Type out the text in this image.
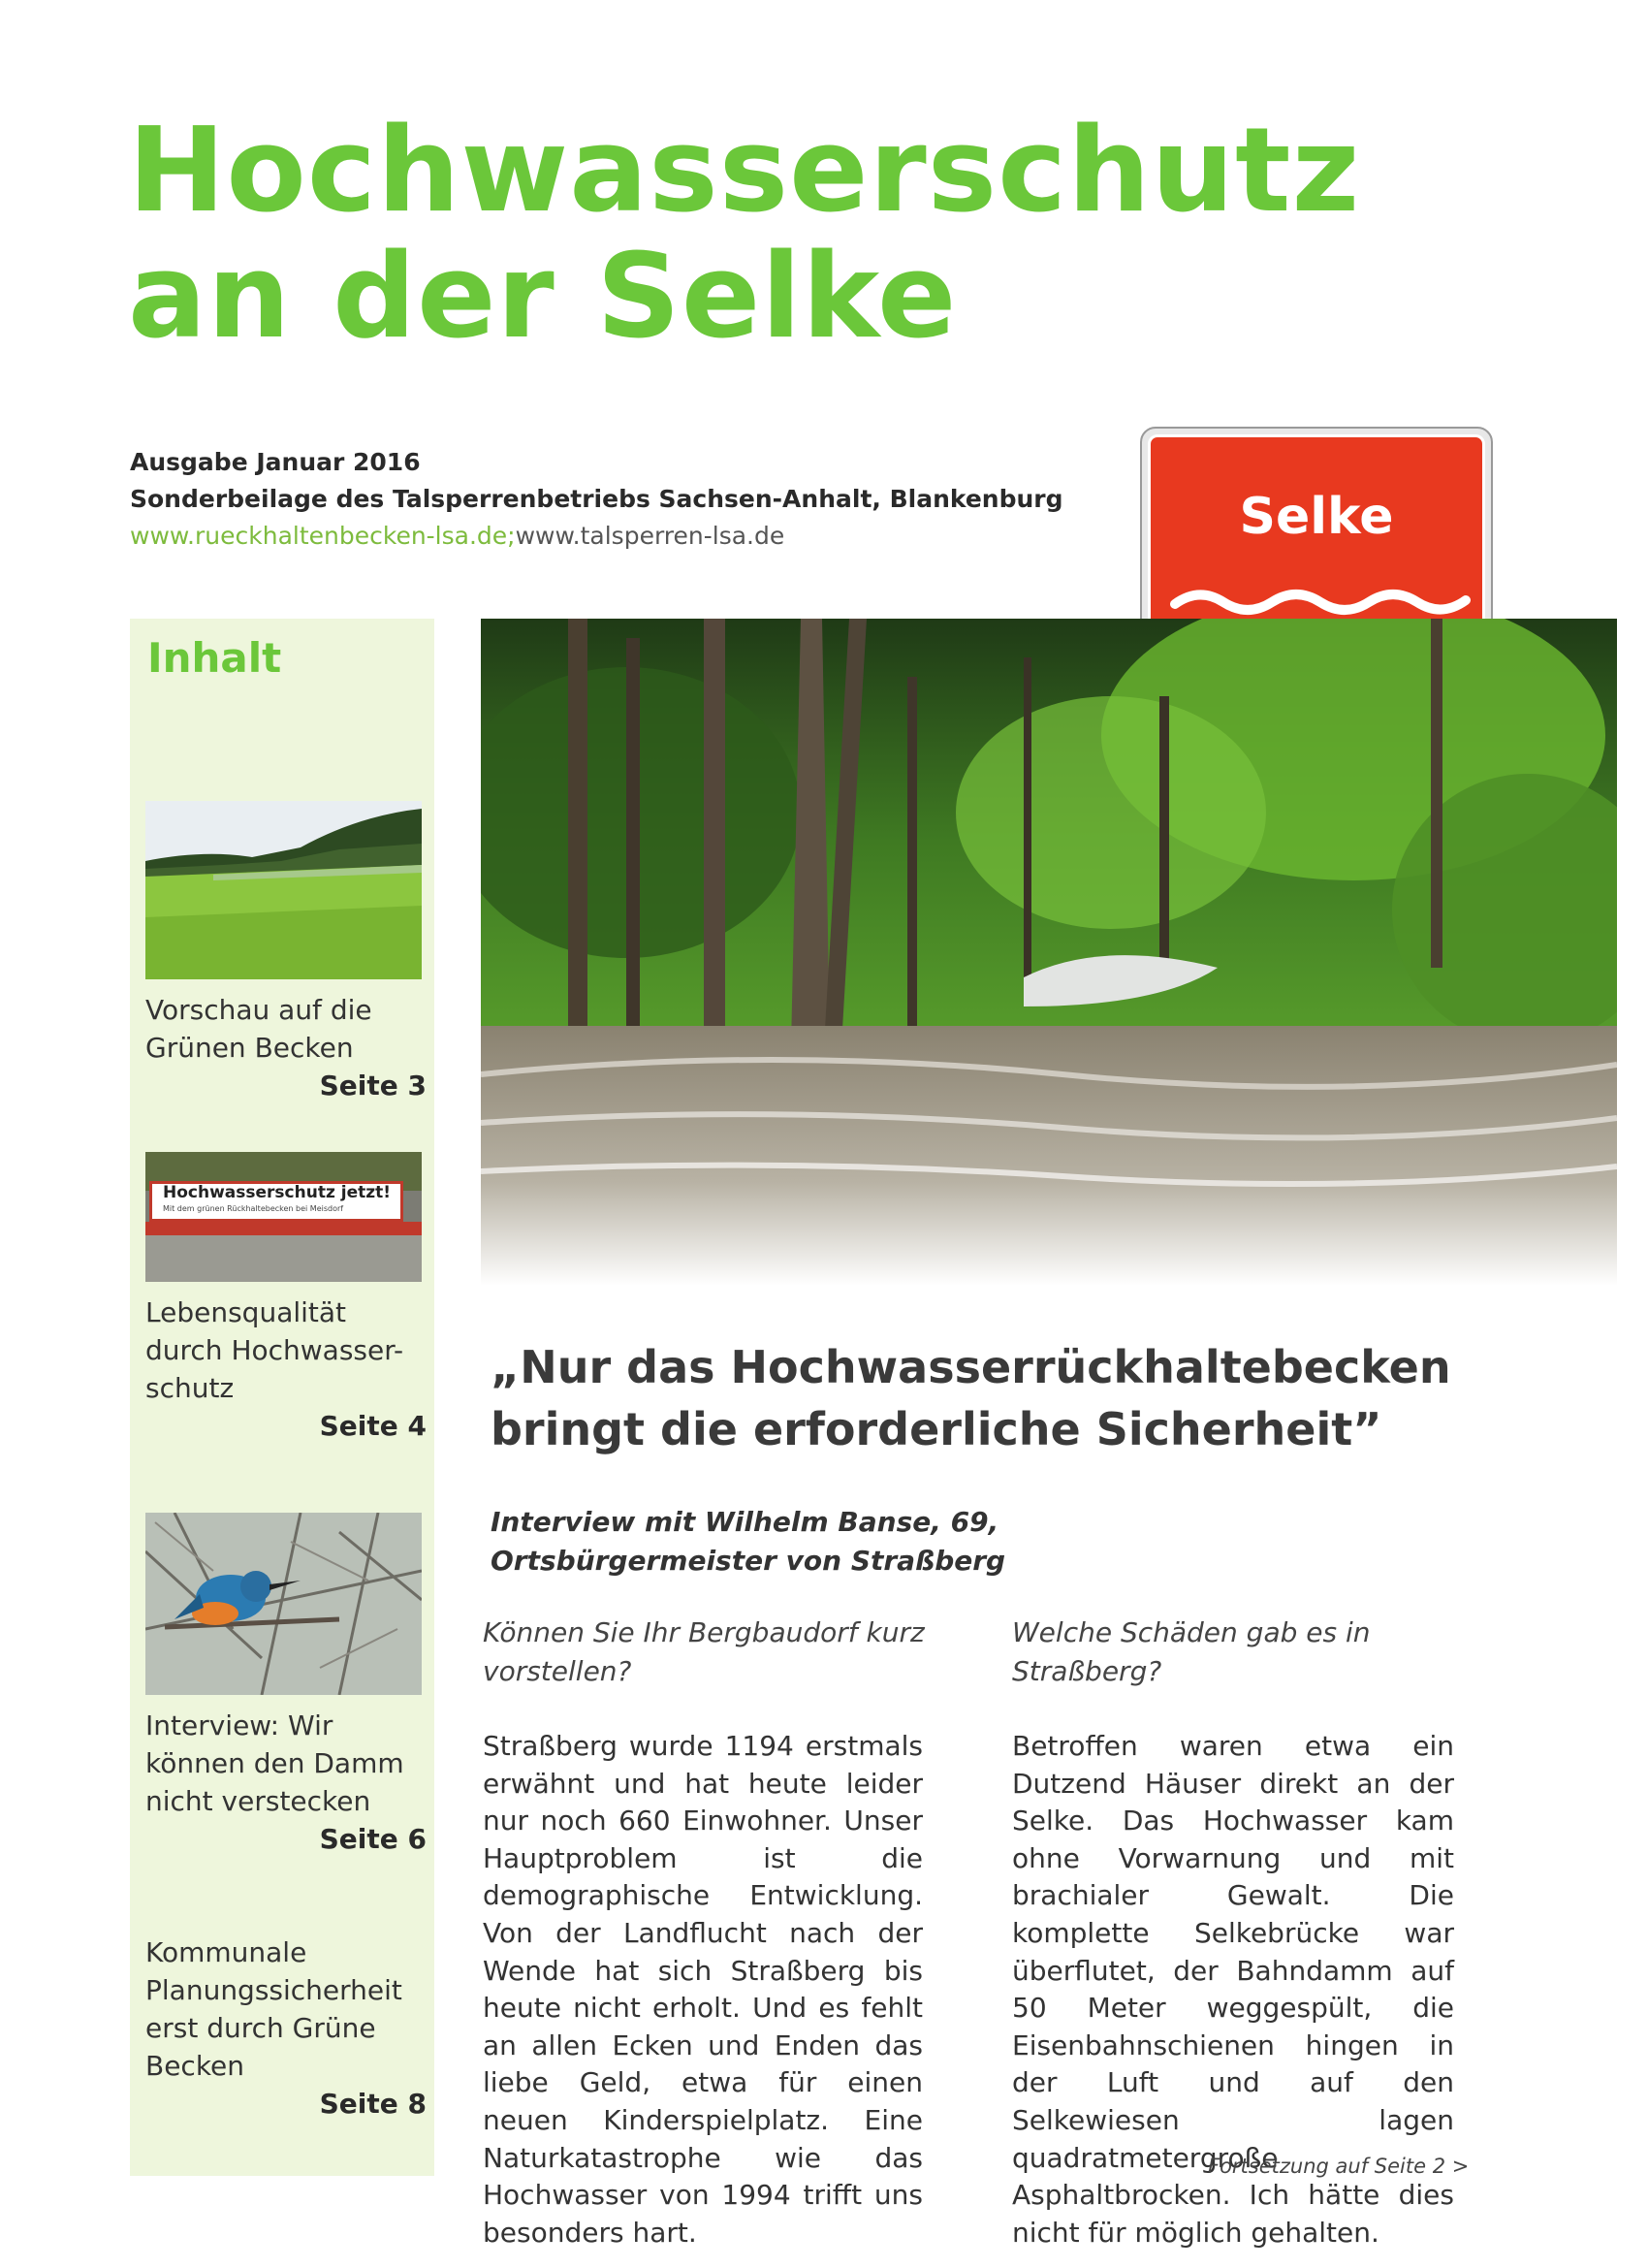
Hochwasserschutz
an der Selke
Ausgabe Januar 2016
Sonderbeilage des Talsperrenbetriebs Sachsen-Anhalt, Blankenburg
www.rueckhaltenbecken-lsa.de;www.talsperren-lsa.de	Selke
Inhalt
Vorschau auf die Grünen Becken
Seite 3
Hochwasserschutz jetzt!
Mit dem grünen Rückhaltebecken bei Meisdorf
Lebensqualität durch Hochwasser-schutz
Seite 4
Interview: Wir können den Damm nicht verstecken
Seite 6
Kommunale Planungssicherheit erst durch Grüne Becken
Seite 8
„Nur das Hochwasserrückhaltebecken
bringt die erforderliche Sicherheit”
Interview mit Wilhelm Banse, 69,
Ortsbürgermeister von Straßberg
Können Sie Ihr Bergbaudorf kurz vorstellen?
Straßberg wurde 1194 erstmals erwähnt und hat heute leider nur noch 660 Einwohner. Unser Hauptproblem ist die demographische Entwicklung. Von der Landflucht nach der Wende hat sich Straßberg bis heute nicht erholt. Und es fehlt an allen Ecken und Enden das liebe Geld, etwa für einen neuen Kinderspielplatz. Eine Naturkatastrophe wie das Hochwasser von 1994 trifft uns besonders hart.
Welche Schäden gab es in Straßberg?
Betroffen waren etwa ein Dutzend Häuser direkt an der Selke. Das Hochwasser kam ohne Vorwarnung und mit brachialer Gewalt. Die komplette Selkebrücke war überflutet, der Bahndamm auf 50 Meter weggespült, die Eisenbahnschienen hingen in der Luft und auf den Selkewiesen lagen quadratmetergroße Asphaltbrocken. Ich hätte dies nicht für möglich gehalten.
Fortsetzung auf Seite 2 >
